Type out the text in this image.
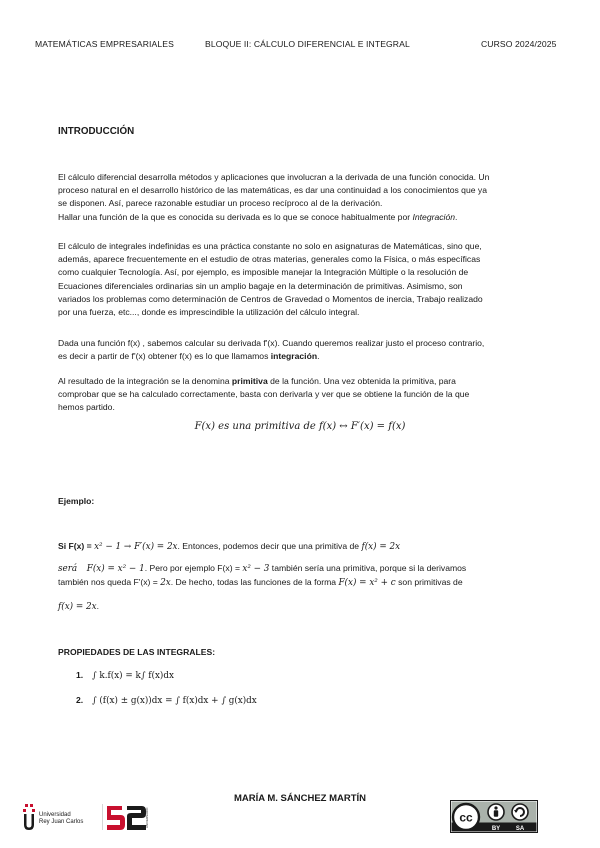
MATEMÁTICAS EMPRESARIALES	BLOQUE II: CÁLCULO DIFERENCIAL E INTEGRAL	CURSO 2024/2025
INTRODUCCIÓN

El cálculo diferencial desarrolla métodos y aplicaciones que involucran a la derivada de una función conocida. Un

proceso natural en el desarrollo histórico de las matemáticas, es dar una continuidad a los conocimientos que ya

se disponen. Así, parece razonable estudiar un proceso recíproco al de la derivación.

Hallar una función de la que es conocida su derivada es lo que se conoce habitualmente por Integración.

El cálculo de integrales indefinidas es una práctica constante no solo en asignaturas de Matemáticas, sino que,

además, aparece frecuentemente en el estudio de otras materias, generales como la Física, o más específicas

como cualquier Tecnología. Así, por ejemplo, es imposible manejar la Integración Múltiple o la resolución de

Ecuaciones diferenciales ordinarias sin un amplio bagaje en la determinación de primitivas. Asimismo, son

variados los problemas como determinación de Centros de Gravedad o Momentos de inercia, Trabajo realizado

por una fuerza, etc..., donde es imprescindible la utilización del cálculo integral.

Dada una función f(x) , sabemos calcular su derivada f'(x). Cuando queremos realizar justo el proceso contrario,

es decir a partir de f'(x) obtener f(x) es lo que llamamos integración.

Al resultado de la integración se la denomina primitiva de la función. Una vez obtenida la primitiva, para

comprobar que se ha calculado correctamente, basta con derivarla y ver que se obtiene la función de la que

hemos partido.

F(x) es una primitiva de f(x) ↔ F′(x) = f(x)
Ejemplo:
Si F(x) = x² − 1 → F′(x) = 2x. Entonces, podemos decir que una primitiva de f(x) = 2x
será F(x) = x² − 1. Pero por ejemplo F(x) = x² − 3 también sería una primitiva, porque si la derivamos
también nos queda F'(x) = 2x. De hecho, todas las funciones de la forma F(x) = x² + c son primitivas de
f(x) = 2x.
PROPIEDADES DE LAS INTEGRALES:
1. ∫ k.f(x) = k∫ f(x)dx
2. ∫ (f(x) ± g(x))dx = ∫ f(x)dx + ∫ g(x)dx
MARÍA M. SÁNCHEZ MARTÍN
Universidad
Rey Juan Carlos	ANIVERSARIO	cc
BY	SA
